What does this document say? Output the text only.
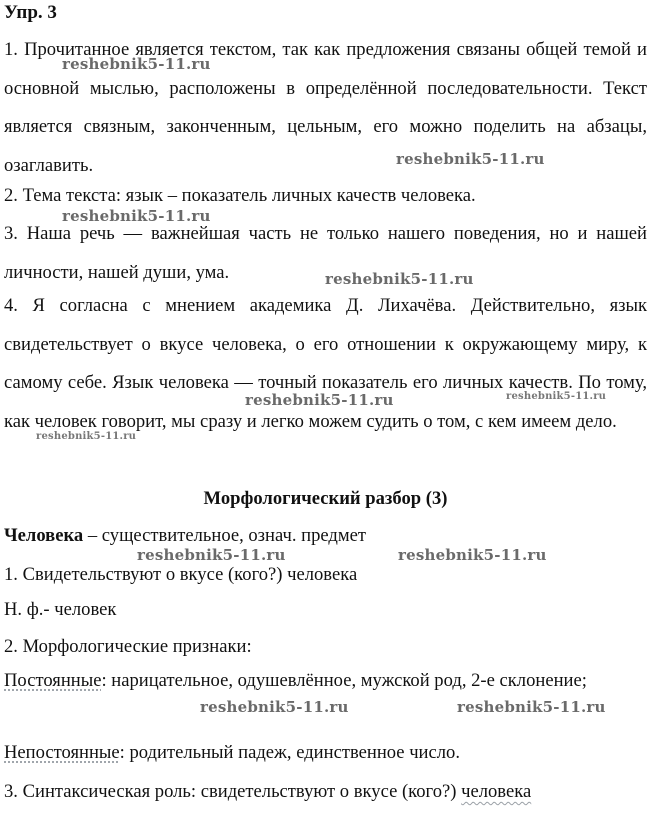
Упр. 3
1. Прочитанное является текстом, так как предложения связаны общей темой и основной мыслью, расположены в определённой последовательности. Текст является связным, законченным, цельным, его можно поделить на абзацы, озаглавить.
2. Тема текста: язык – показатель личных качеств человека.
3. Наша речь — важнейшая часть не только нашего поведения, но и нашей личности, нашей души, ума.
4. Я согласна с мнением академика Д. Лихачёва. Действительно, язык свидетельствует о вкусе человека, о его отношении к окружающему миру, к самому себе. Язык человека — точный показатель его личных качеств. По тому, как человек говорит, мы сразу и легко можем судить о том, с кем имеем дело.
Морфологический разбор (3)
Человека – существительное, означ. предмет
1. Свидетельствуют о вкусе (кого?) человека
Н. ф.- человек
2. Морфологические признаки:
Постоянные: нарицательное, одушевлённое, мужской род, 2-е склонение;
Непостоянные: родительный падеж, единственное число.
3. Синтаксическая роль: свидетельствуют о вкусе (кого?) человека
reshebnik5-11.ru
reshebnik5-11.ru
reshebnik5-11.ru
reshebnik5-11.ru
reshebnik5-11.ru	reshebnik5-11.ru
reshebnik5-11.ru
reshebnik5-11.ru	reshebnik5-11.ru
reshebnik5-11.ru	reshebnik5-11.ru
